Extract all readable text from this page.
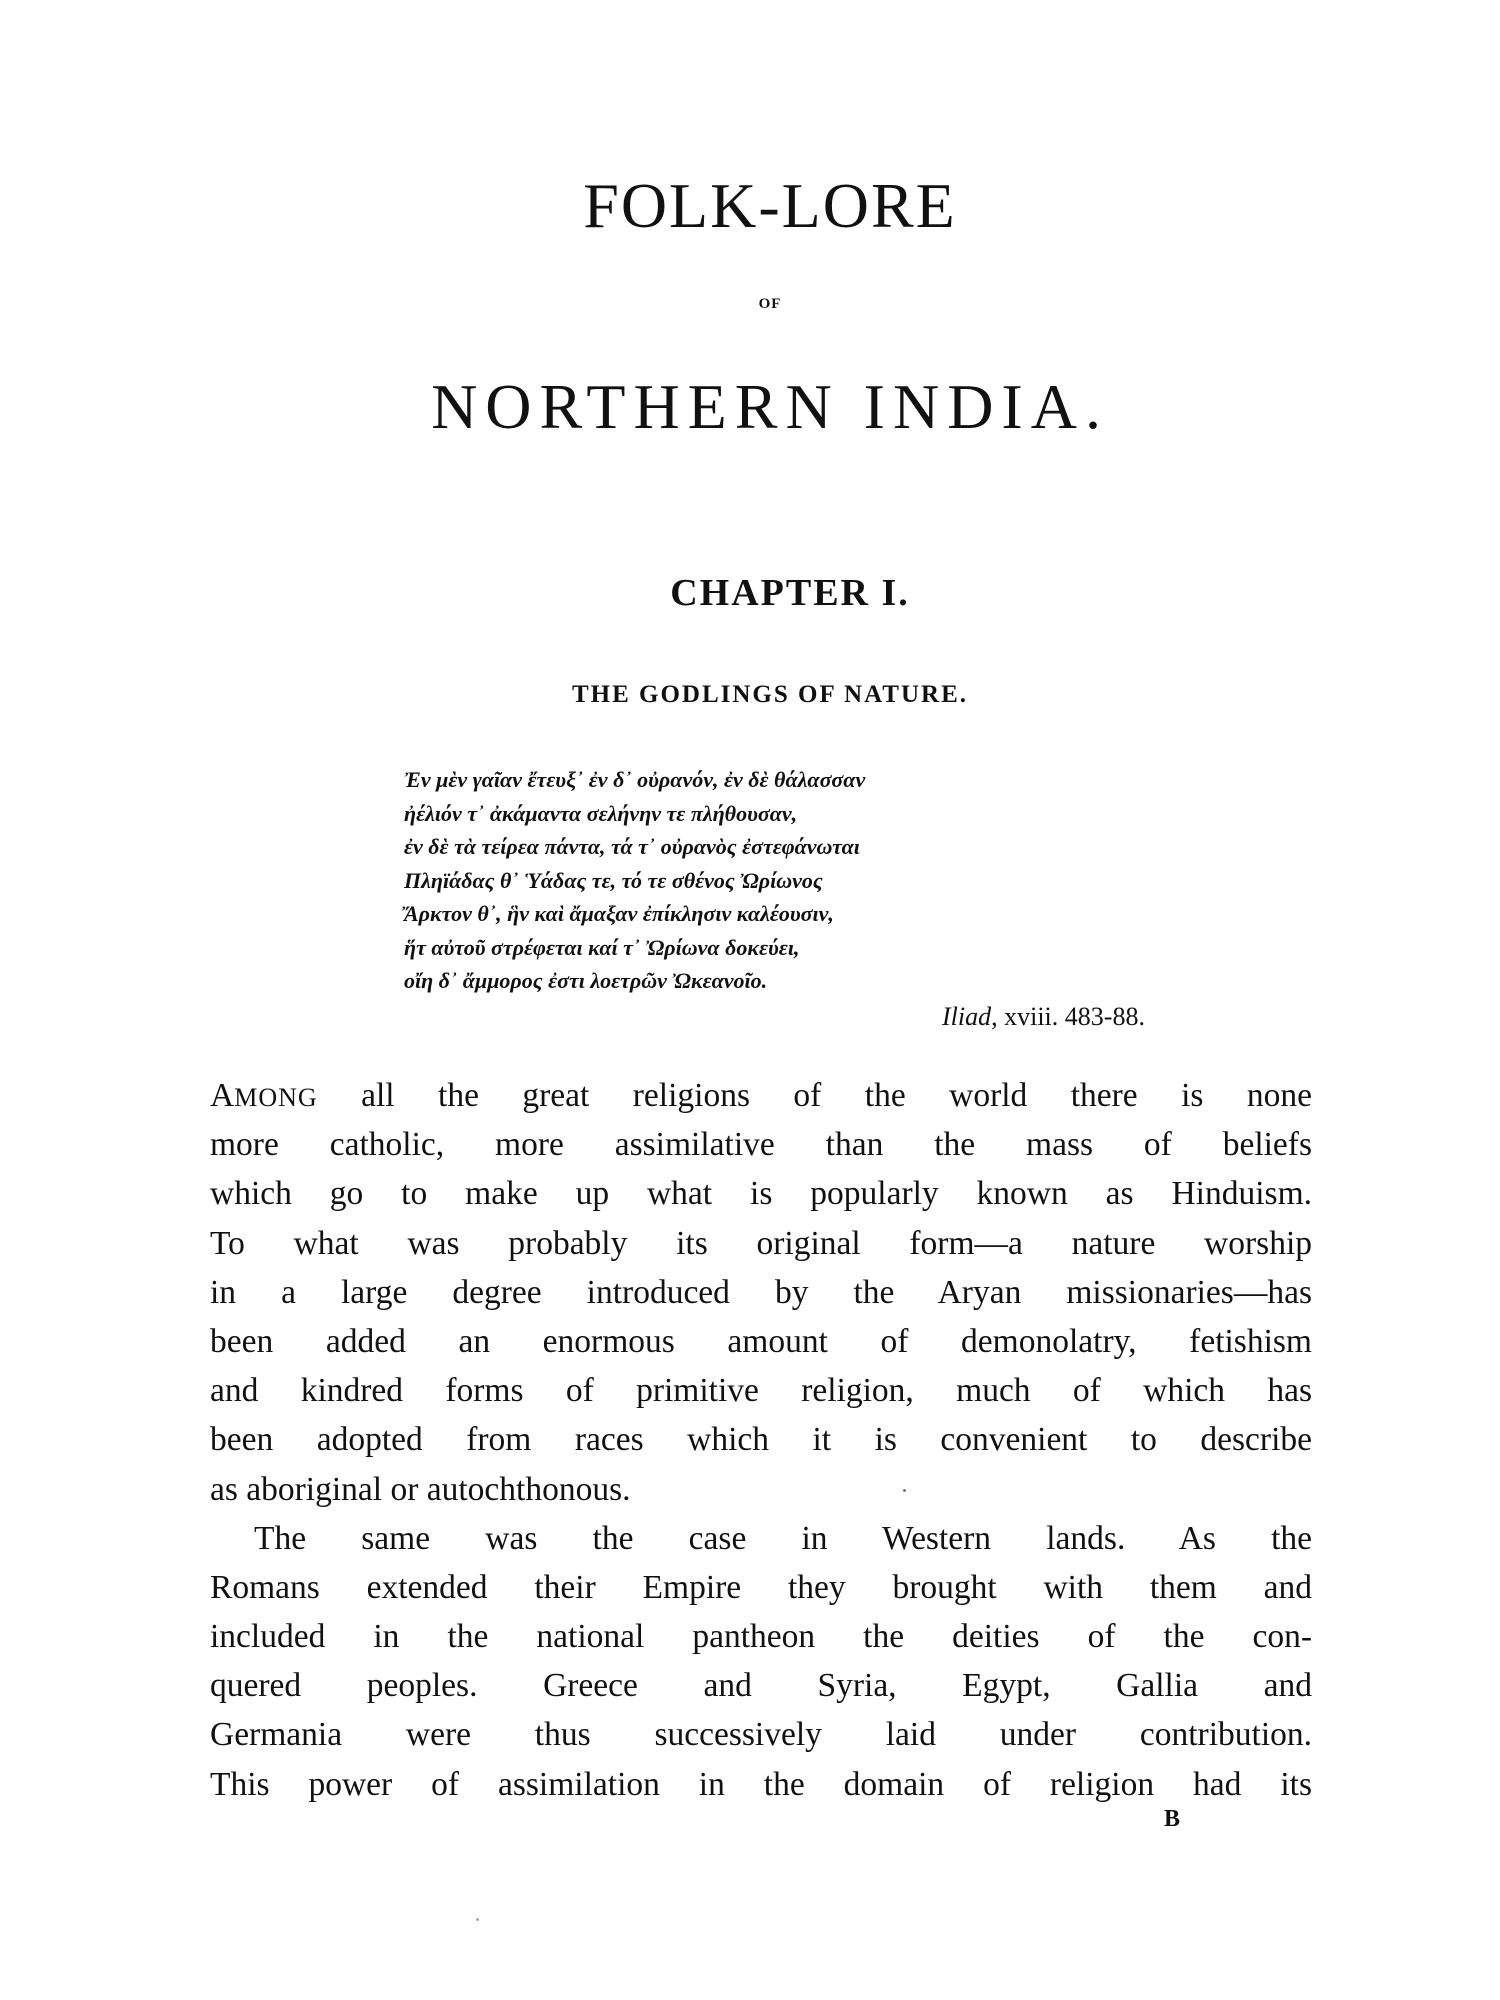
FOLK-LORE
OF
NORTHERN INDIA.
CHAPTER I.
THE GODLINGS OF NATURE.
Ἐν μὲν γαῖαν ἔτευξ᾽ ἐν δ᾽ οὐρανόν, ἐν δὲ θάλασσαν
ἠέλιόν τ᾽ ἀκάμαντα σελήνην τε πλήθουσαν,
ἐν δὲ τὰ τείρεα πάντα, τά τ᾽ οὐρανὸς ἐστεφάνωται
Πληϊάδας θ᾽ Ὑάδας τε, τό τε σθένος Ὠρίωνος
Ἄρκτον θ᾽, ἣν καὶ ἄμαξαν ἐπίκλησιν καλέουσιν,
ἥτ αὐτοῦ στρέφεται καί τ᾽ Ὠρίωνα δοκεύει,
οἴη δ᾽ ἄμμορος ἐστι λοετρῶν Ὠκεανοῖο.
Iliad, xviii. 483-88.
AMONG all the great religions of the world there is none
more catholic, more assimilative than the mass of beliefs
which go to make up what is popularly known as Hinduism.
To what was probably its original form—a nature worship
in a large degree introduced by the Aryan missionaries—has
been added an enormous amount of demonolatry, fetishism
and kindred forms of primitive religion, much of which has
been adopted from races which it is convenient to describe
as aboriginal or autochthonous.
The same was the case in Western lands. As the
Romans extended their Empire they brought with them and
included in the national pantheon the deities of the con-
quered peoples. Greece and Syria, Egypt, Gallia and
Germania were thus successively laid under contribution.
This power of assimilation in the domain of religion had its
B
